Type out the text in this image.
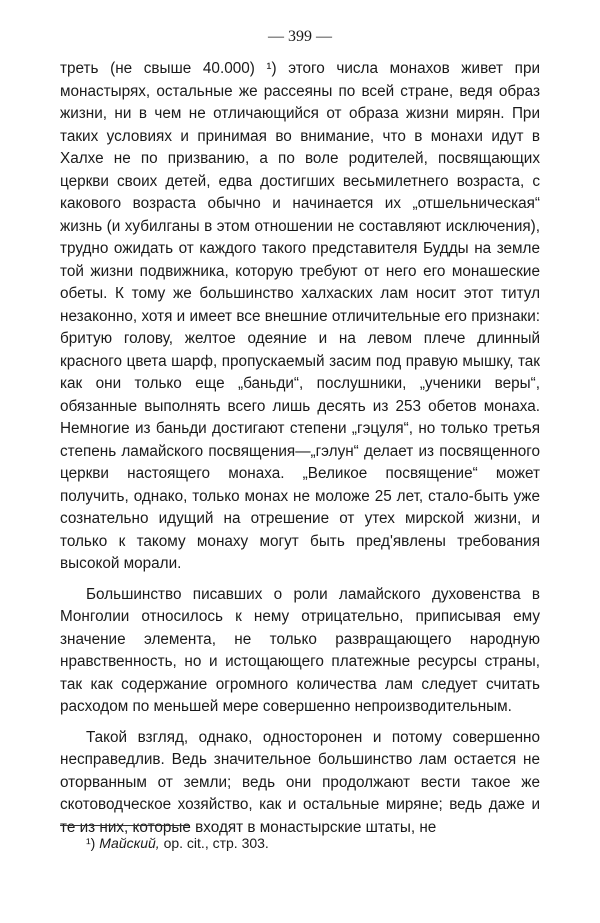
— 399 —

треть (не свыше 40.000) ¹) этого числа монахов живет при монастырях, остальные же рассеяны по всей стране, ведя образ жизни, ни в чем не отличающийся от образа жизни мирян. При таких условиях и принимая во внимание, что в монахи идут в Халхе не по призванию, а по воле родителей, посвящающих церкви своих детей, едва достигших весьмилетнего возраста, с какового возраста обычно и начинается их „отшельническая“ жизнь (и хубилганы в этом отношении не составляют исключения), трудно ожидать от каждого такого представителя Будды на земле той жизни подвижника, которую требуют от него его монашеские обеты. К тому же большинство халхаских лам носит этот титул незаконно, хотя и имеет все внешние отличительные его признаки: бритую голову, желтое одеяние и на левом плече длинный красного цвета шарф, пропускаемый засим под правую мышку, так как они только еще „баньди“, послушники, „ученики веры“, обязанные выполнять всего лишь десять из 253 обетов монаха. Немногие из баньди достигают степени „гэцуля“, но только третья степень ламайского посвящения—„гэлун“ делает из посвященного церкви настоящего монаха. „Великое посвящение“ может получить, однако, только монах не моложе 25 лет, стало-быть уже сознательно идущий на отрешение от утех мирской жизни, и только к такому монаху могут быть пред'явлены требования высокой морали.

Большинство писавших о роли ламайского духовенства в Монголии относилось к нему отрицательно, приписывая ему значение элемента, не только развращающего народную нравственность, но и истощающего платежные ресурсы страны, так как содержание огромного количества лам следует считать расходом по меньшей мере совершенно непроизводительным.

Такой взгляд, однако, односторонен и потому совершенно несправедлив. Ведь значительное большинство лам остается не оторванным от земли; ведь они продолжают вести такое же скотоводческое хозяйство, как и остальные миряне; ведь даже и те из них, которые входят в монастырские штаты, не

¹) Майский, op. cit., стр. 303.
